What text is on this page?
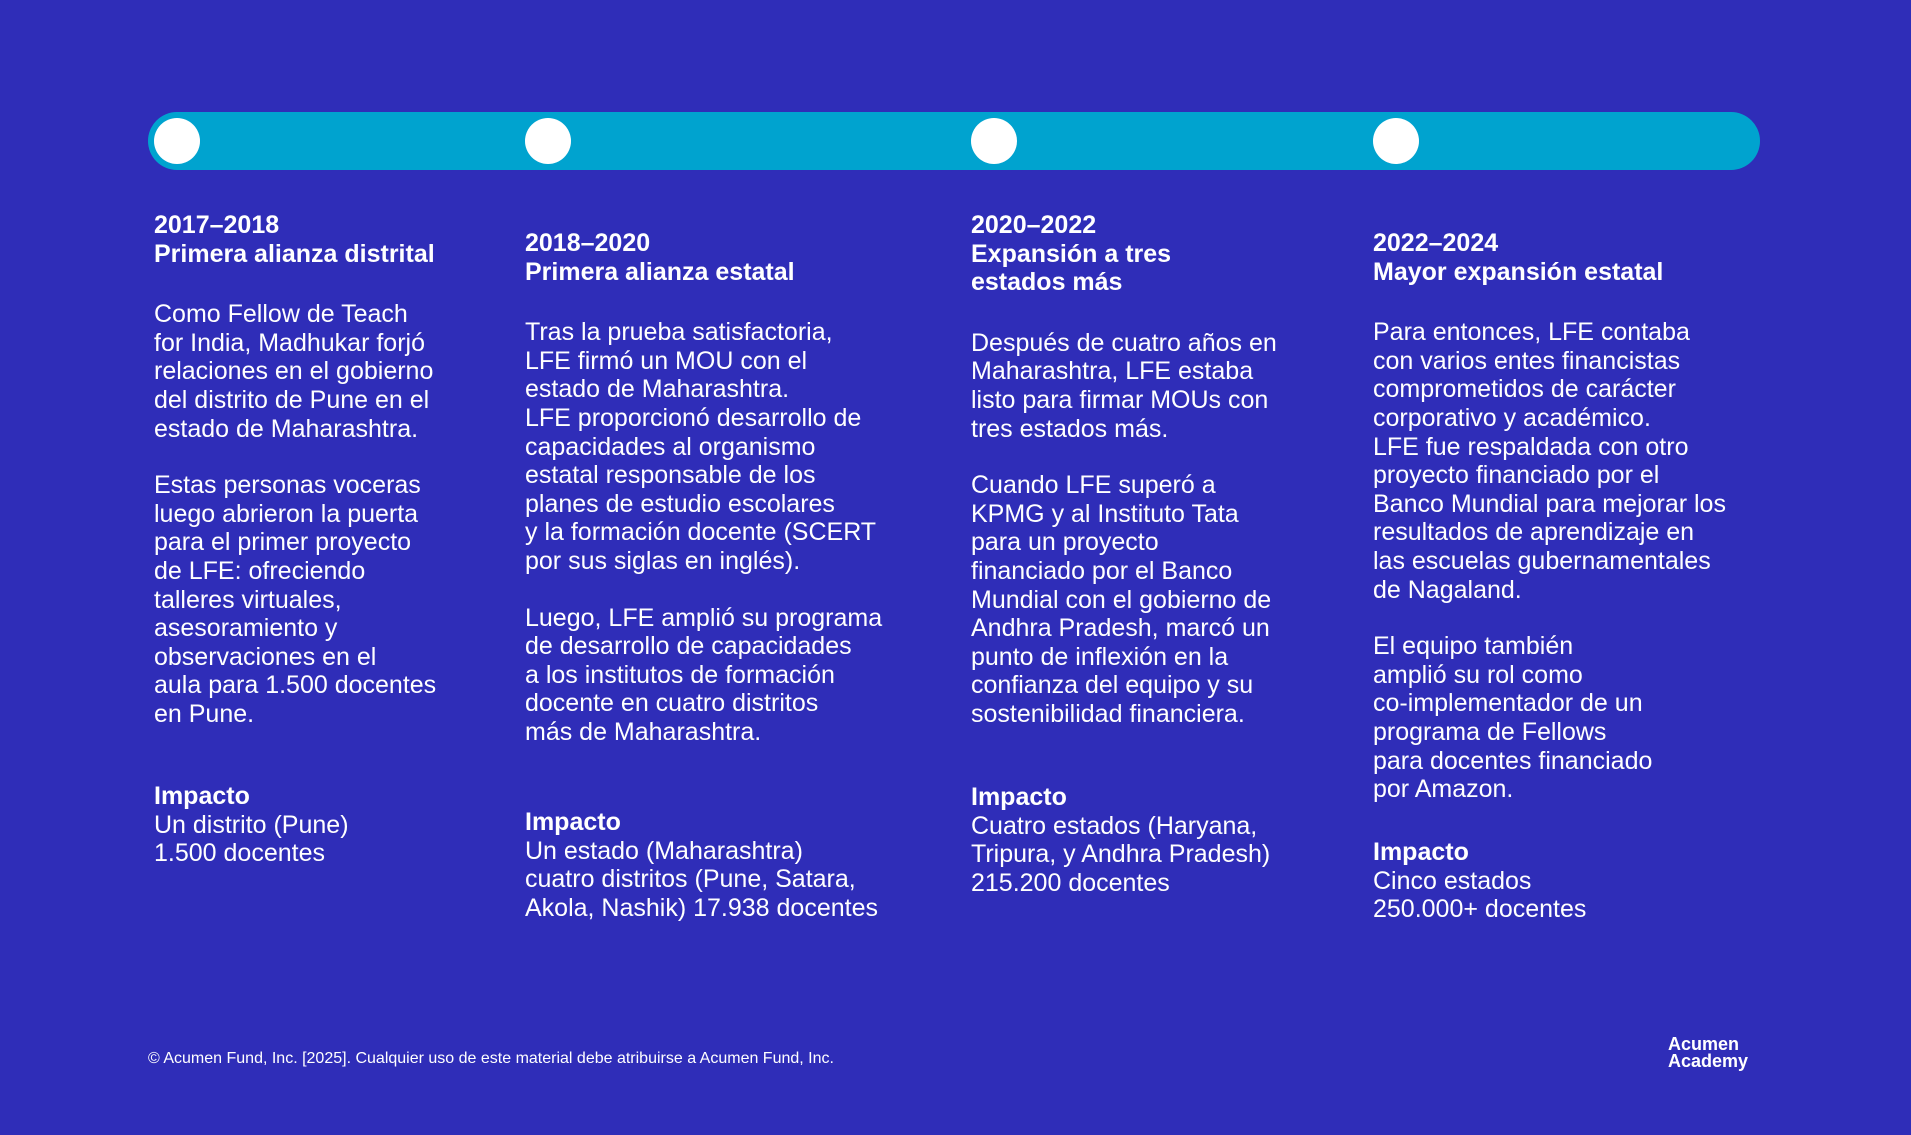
2017–2018
Primera alianza distrital
Como Fellow de Teach
for India, Madhukar forjó
relaciones en el gobierno
del distrito de Pune en el
estado de Maharashtra.
Estas personas voceras
luego abrieron la puerta
para el primer proyecto
de LFE: ofreciendo
talleres virtuales,
asesoramiento y
observaciones en el
aula para 1.500 docentes
en Pune.
Impacto
Un distrito (Pune)
1.500 docentes
2018–2020
Primera alianza estatal
Tras la prueba satisfactoria,
LFE firmó un MOU con el
estado de Maharashtra.
LFE proporcionó desarrollo de
capacidades al organismo
estatal responsable de los
planes de estudio escolares
y la formación docente (SCERT
por sus siglas en inglés).
Luego, LFE amplió su programa
de desarrollo de capacidades
a los institutos de formación
docente en cuatro distritos
más de Maharashtra.
Impacto
Un estado (Maharashtra)
cuatro distritos (Pune, Satara,
Akola, Nashik) 17.938 docentes
2020–2022
Expansión a tres
estados más
Después de cuatro años en
Maharashtra, LFE estaba
listo para firmar MOUs con
tres estados más.
Cuando LFE superó a
KPMG y al Instituto Tata
para un proyecto
financiado por el Banco
Mundial con el gobierno de
Andhra Pradesh, marcó un
punto de inflexión en la
confianza del equipo y su
sostenibilidad financiera.
Impacto
Cuatro estados (Haryana,
Tripura, y Andhra Pradesh)
215.200 docentes
2022–2024
Mayor expansión estatal
Para entonces, LFE contaba
con varios entes financistas
comprometidos de carácter
corporativo y académico.
LFE fue respaldada con otro
proyecto financiado por el
Banco Mundial para mejorar los
resultados de aprendizaje en
las escuelas gubernamentales
de Nagaland.
El equipo también
amplió su rol como
co-implementador de un
programa de Fellows
para docentes financiado
por Amazon.
Impacto
Cinco estados
250.000+ docentes
© Acumen Fund, Inc. [2025]. Cualquier uso de este material debe atribuirse a Acumen Fund, Inc.
Acumen
Academy
